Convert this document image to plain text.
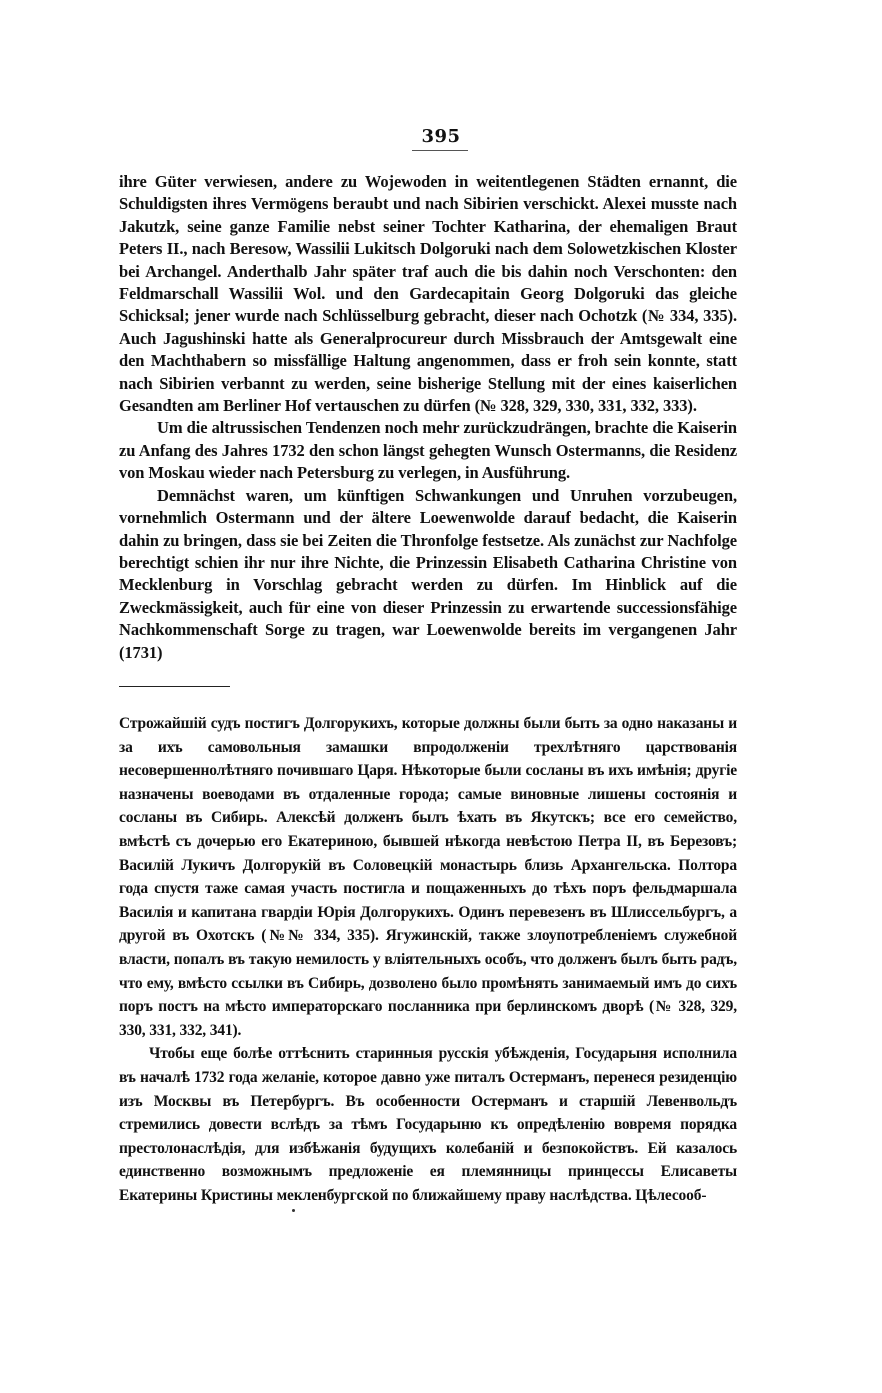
395

ihre Güter verwiesen, andere zu Wojewoden in weitentlegenen Städten ernannt, die Schuldigsten ihres Vermögens beraubt und nach Sibirien verschickt. Alexei musste nach Jakutzk, seine ganze Familie nebst seiner Tochter Katharina, der ehemaligen Braut Peters II., nach Beresow, Wassilii Lukitsch Dolgoruki nach dem Solowetzkischen Kloster bei Archangel. Anderthalb Jahr später traf auch die bis dahin noch Verschonten: den Feldmarschall Wassilii Wol. und den Gardecapitain Georg Dolgoruki das gleiche Schicksal; jener wurde nach Schlüsselburg gebracht, dieser nach Ochotzk (№ 334, 335). Auch Jagushinski hatte als Generalprocureur durch Missbrauch der Amtsgewalt eine den Machthabern so missfällige Haltung angenommen, dass er froh sein konnte, statt nach Sibirien verbannt zu werden, seine bisherige Stellung mit der eines kaiserlichen Gesandten am Berliner Hof vertauschen zu dürfen (№ 328, 329, 330, 331, 332, 333).

Um die altrussischen Tendenzen noch mehr zurückzudrängen, brachte die Kaiserin zu Anfang des Jahres 1732 den schon längst gehegten Wunsch Ostermanns, die Residenz von Moskau wieder nach Petersburg zu verlegen, in Ausführung.

Demnächst waren, um künftigen Schwankungen und Unruhen vorzubeugen, vornehmlich Ostermann und der ältere Loewenwolde darauf bedacht, die Kaiserin dahin zu bringen, dass sie bei Zeiten die Thronfolge festsetze. Als zunächst zur Nachfolge berechtigt schien ihr nur ihre Nichte, die Prinzessin Elisabeth Catharina Christine von Mecklenburg in Vorschlag gebracht werden zu dürfen. Im Hinblick auf die Zweckmässigkeit, auch für eine von dieser Prinzessin zu erwartende successionsfähige Nachkommenschaft Sorge zu tragen, war Loewenwolde bereits im vergangenen Jahr (1731)

Строжайшій судъ постигъ Долгорукихъ, которые должны были быть за одно наказаны и за ихъ самовольныя замашки впродолженіи трехлѣтняго царствованія несовершеннолѣтняго почившаго Царя. Нѣкоторые были сосланы въ ихъ имѣнія; другіе назначены воеводами въ отдаленные города; самые виновные лишены состоянія и сосланы въ Сибирь. Алексѣй долженъ былъ ѣхать въ Якутскъ; все его семейство, вмѣстѣ съ дочерью его Екатериною, бывшей нѣкогда невѣстою Петра II, въ Березовъ; Василій Лукичъ Долгорукій въ Соловецкій монастырь близь Архангельска. Полтора года спустя таже самая участь постигла и пощаженныхъ до тѣхъ поръ фельдмаршала Василія и капитана гвардіи Юрія Долгорукихъ. Одинъ перевезенъ въ Шлиссельбургъ, а другой въ Охотскъ (№№ 334, 335). Ягужинскій, также злоупотребленіемъ служебной власти, попалъ въ такую немилость у вліятельныхъ особъ, что долженъ былъ быть радъ, что ему, вмѣсто ссылки въ Сибирь, дозволено было промѣнять занимаемый имъ до сихъ поръ постъ на мѣсто императорскаго посланника при берлинскомъ дворѣ (№ 328, 329, 330, 331, 332, 341).

Чтобы еще болѣе оттѣснить старинныя русскія убѣжденія, Государыня исполнила въ началѣ 1732 года желаніе, которое давно уже питалъ Остерманъ, перенеся резиденцію изъ Москвы въ Петербургъ. Въ особенности Остерманъ и старшій Левенвольдъ стремились довести вслѣдъ за тѣмъ Государыню къ опредѣленію вовремя порядка престолонаслѣдія, для избѣжанія будущихъ колебаній и безпокойствъ. Ей казалось единственно возможнымъ предложеніе ея племянницы принцессы Елисаветы Екатерины Кристины мекленбургской по ближайшему праву наслѣдства. Цѣлесооб-
